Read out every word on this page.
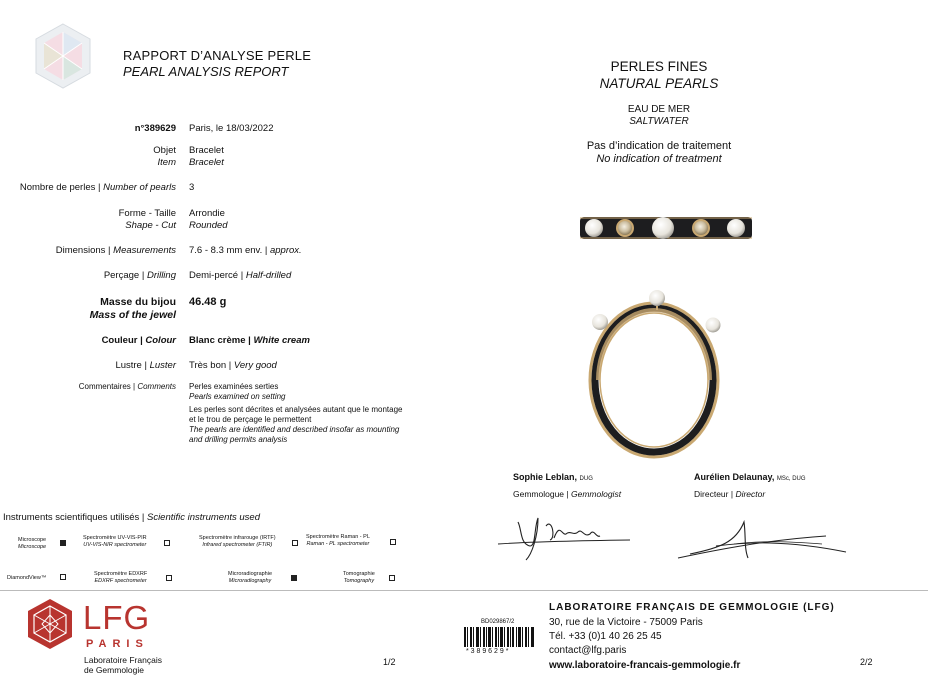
RAPPORT D’ANALYSE PERLE
PEARL ANALYSIS REPORT
n°389629 Paris, le 18/03/2022
Objet
Item
Bracelet
Bracelet
Nombre de perles | Number of pearls 3
Forme - Taille
Shape - Cut
Arrondie
Rounded
Dimensions | Measurements 7.6 - 8.3 mm env. | approx.
Perçage | Drilling Demi-percé | Half-drilled
Masse du bijou
Mass of the jewel
46.48 g
Couleur | Colour Blanc crème | White cream
Lustre | Luster Très bon | Very good
Commentaires | Comments Perles examinées serties
Pearls examined on setting
Les perles sont décrites et analysées autant que le montage
et le trou de perçage le permettent
The pearls are identified and described insofar as mounting
and drilling permits analysis
PERLES FINES
NATURAL PEARLS
EAU DE MER
SALTWATER
Pas d’indication de traitement
No indication of treatment
Sophie Leblan, DUG
Gemmologue | Gemmologist
Aurélien Delaunay, MSc, DUG
Directeur | Director
Instruments scientifiques utilisés | Scientific instruments used
Microscope
Microscope
Spectromètre UV-VIS-PIR
UV-VIS-NIR spectrometer
Spectromètre infrarouge (IRTF)
Infrared spectrometer (FTIR)
Spectromètre Raman - PL
Raman - PL spectrometer
DiamondView™
Spectromètre EDXRF
EDXRF spectrometer
Microradiographie
Microradiography
Tomographie
Tomography
LFG
PARIS
Laboratoire Français
de Gemmologie
1/2
BD029867/2
* 3 8 9 6 2 9 *
LABORATOIRE FRANÇAIS DE GEMMOLOGIE (LFG)
30, rue de la Victoire - 75009 Paris
Tél. +33 (0)1 40 26 25 45
contact@lfg.paris
www.laboratoire-francais-gemmologie.fr	2/2
